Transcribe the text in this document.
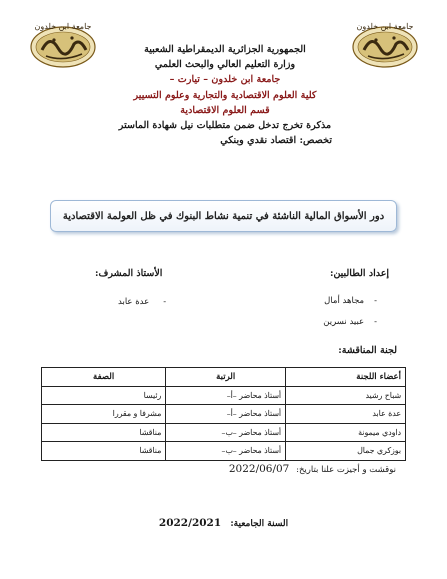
جامعة ابن خلدون	جامعة ابن خلدون
الجمهورية الجزائرية الديمقراطية الشعبية
وزارة التعليم العالي والبحث العلمي
جامعة ابن خلدون – تيارت –
كلية العلوم الاقتصادية والتجارية وعلوم التسيير
قسم العلوم الاقتصادية
مذكرة تخرج تدخل ضمن متطلبات نيل شهادة الماستر
تخصص: اقتصاد نقدي وبنكي
دور الأسواق المالية الناشئة في تنمية نشاط البنوك في ظل العولمة الاقتصادية
إعداد الطالبين:
الأستاذ المشرف:
-مجاهد أمال
-عبيد نسرين
-عدة عابد
لجنة المناقشة:
أعضاء اللجنة	الرتبة	الصفة
شباح رشيد	أستاذ محاضر –أ–	رئيسا
عدة عابد	أستاذ محاضر –أ–	مشرفا و مقررا
داودي ميمونة	أستاذ محاضر –ب–	مناقشا
بوزكري جمال	أستاذ محاضر –ب–	مناقشا
نوقشت و أجيزت علنا بتاريخ: 2022/06/07
السنة الجامعية: 2022/2021
